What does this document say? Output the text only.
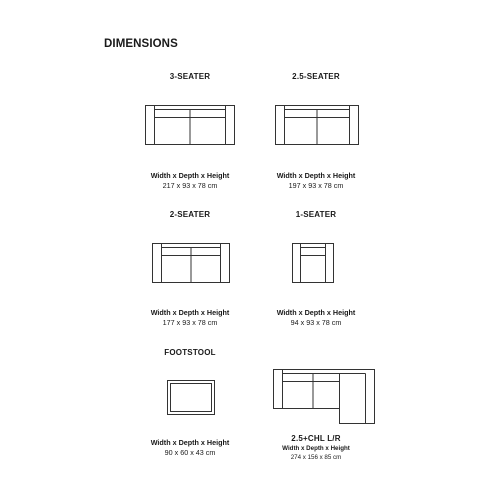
DIMENSIONS
3-SEATER
Width x Depth x Height
217 x 93 x 78 cm
2.5-SEATER
Width x Depth x Height
197 x 93 x 78 cm
2-SEATER
Width x Depth x Height
177 x 93 x 78 cm
1-SEATER
Width x Depth x Height
94 x 93 x 78 cm
FOOTSTOOL
Width x Depth x Height
90 x 60 x 43 cm
2.5+CHL L/R
Width x Depth x Height
274 x 156 x 85 cm
